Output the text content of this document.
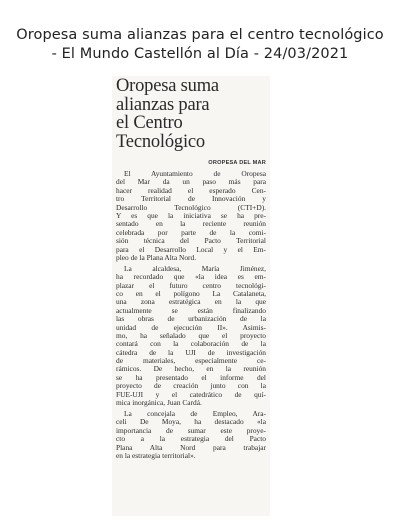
Oropesa suma alianzas para el centro tecnológico
- El Mundo Castellón al Día - 24/03/2021
Oropesa suma
alianzas para
el Centro
Tecnológico
OROPESA DEL MAR
El Ayuntamiento de Oropesa
del Mar da un paso más para
hacer realidad el esperado Cen-
tro Territorial de Innovación y
Desarrollo Tecnológico (CTI+D).
Y es que la iniciativa se ha pre-
sentado en la reciente reunión
celebrada por parte de la comi-
sión técnica del Pacto Territorial
para el Desarrollo Local y el Em-
pleo de la Plana Alta Nord.
La alcaldesa, María Jiménez,
ha recordado que «la idea es em-
plazar el futuro centro tecnológi-
co en el polígono La Catalaneta,
una zona estratégica en la que
actualmente se están finalizando
las obras de urbanización de la
unidad de ejecución II». Asimis-
mo, ha señalado que el proyecto
contará con la colaboración de la
cátedra de la UJI de investigación
de materiales, especialmente ce-
rámicos. De hecho, en la reunión
se ha presentado el informe del
proyecto de creación junto con la
FUE-UJI y el catedrático de quí-
mica inorgánica, Juan Cardá.
La concejala de Empleo, Ara-
celi De Moya, ha destacado «la
importancia de sumar este proye-
cto a la estrategia del Pacto
Plana Alta Nord para trabajar
en la estrategia territorial».
